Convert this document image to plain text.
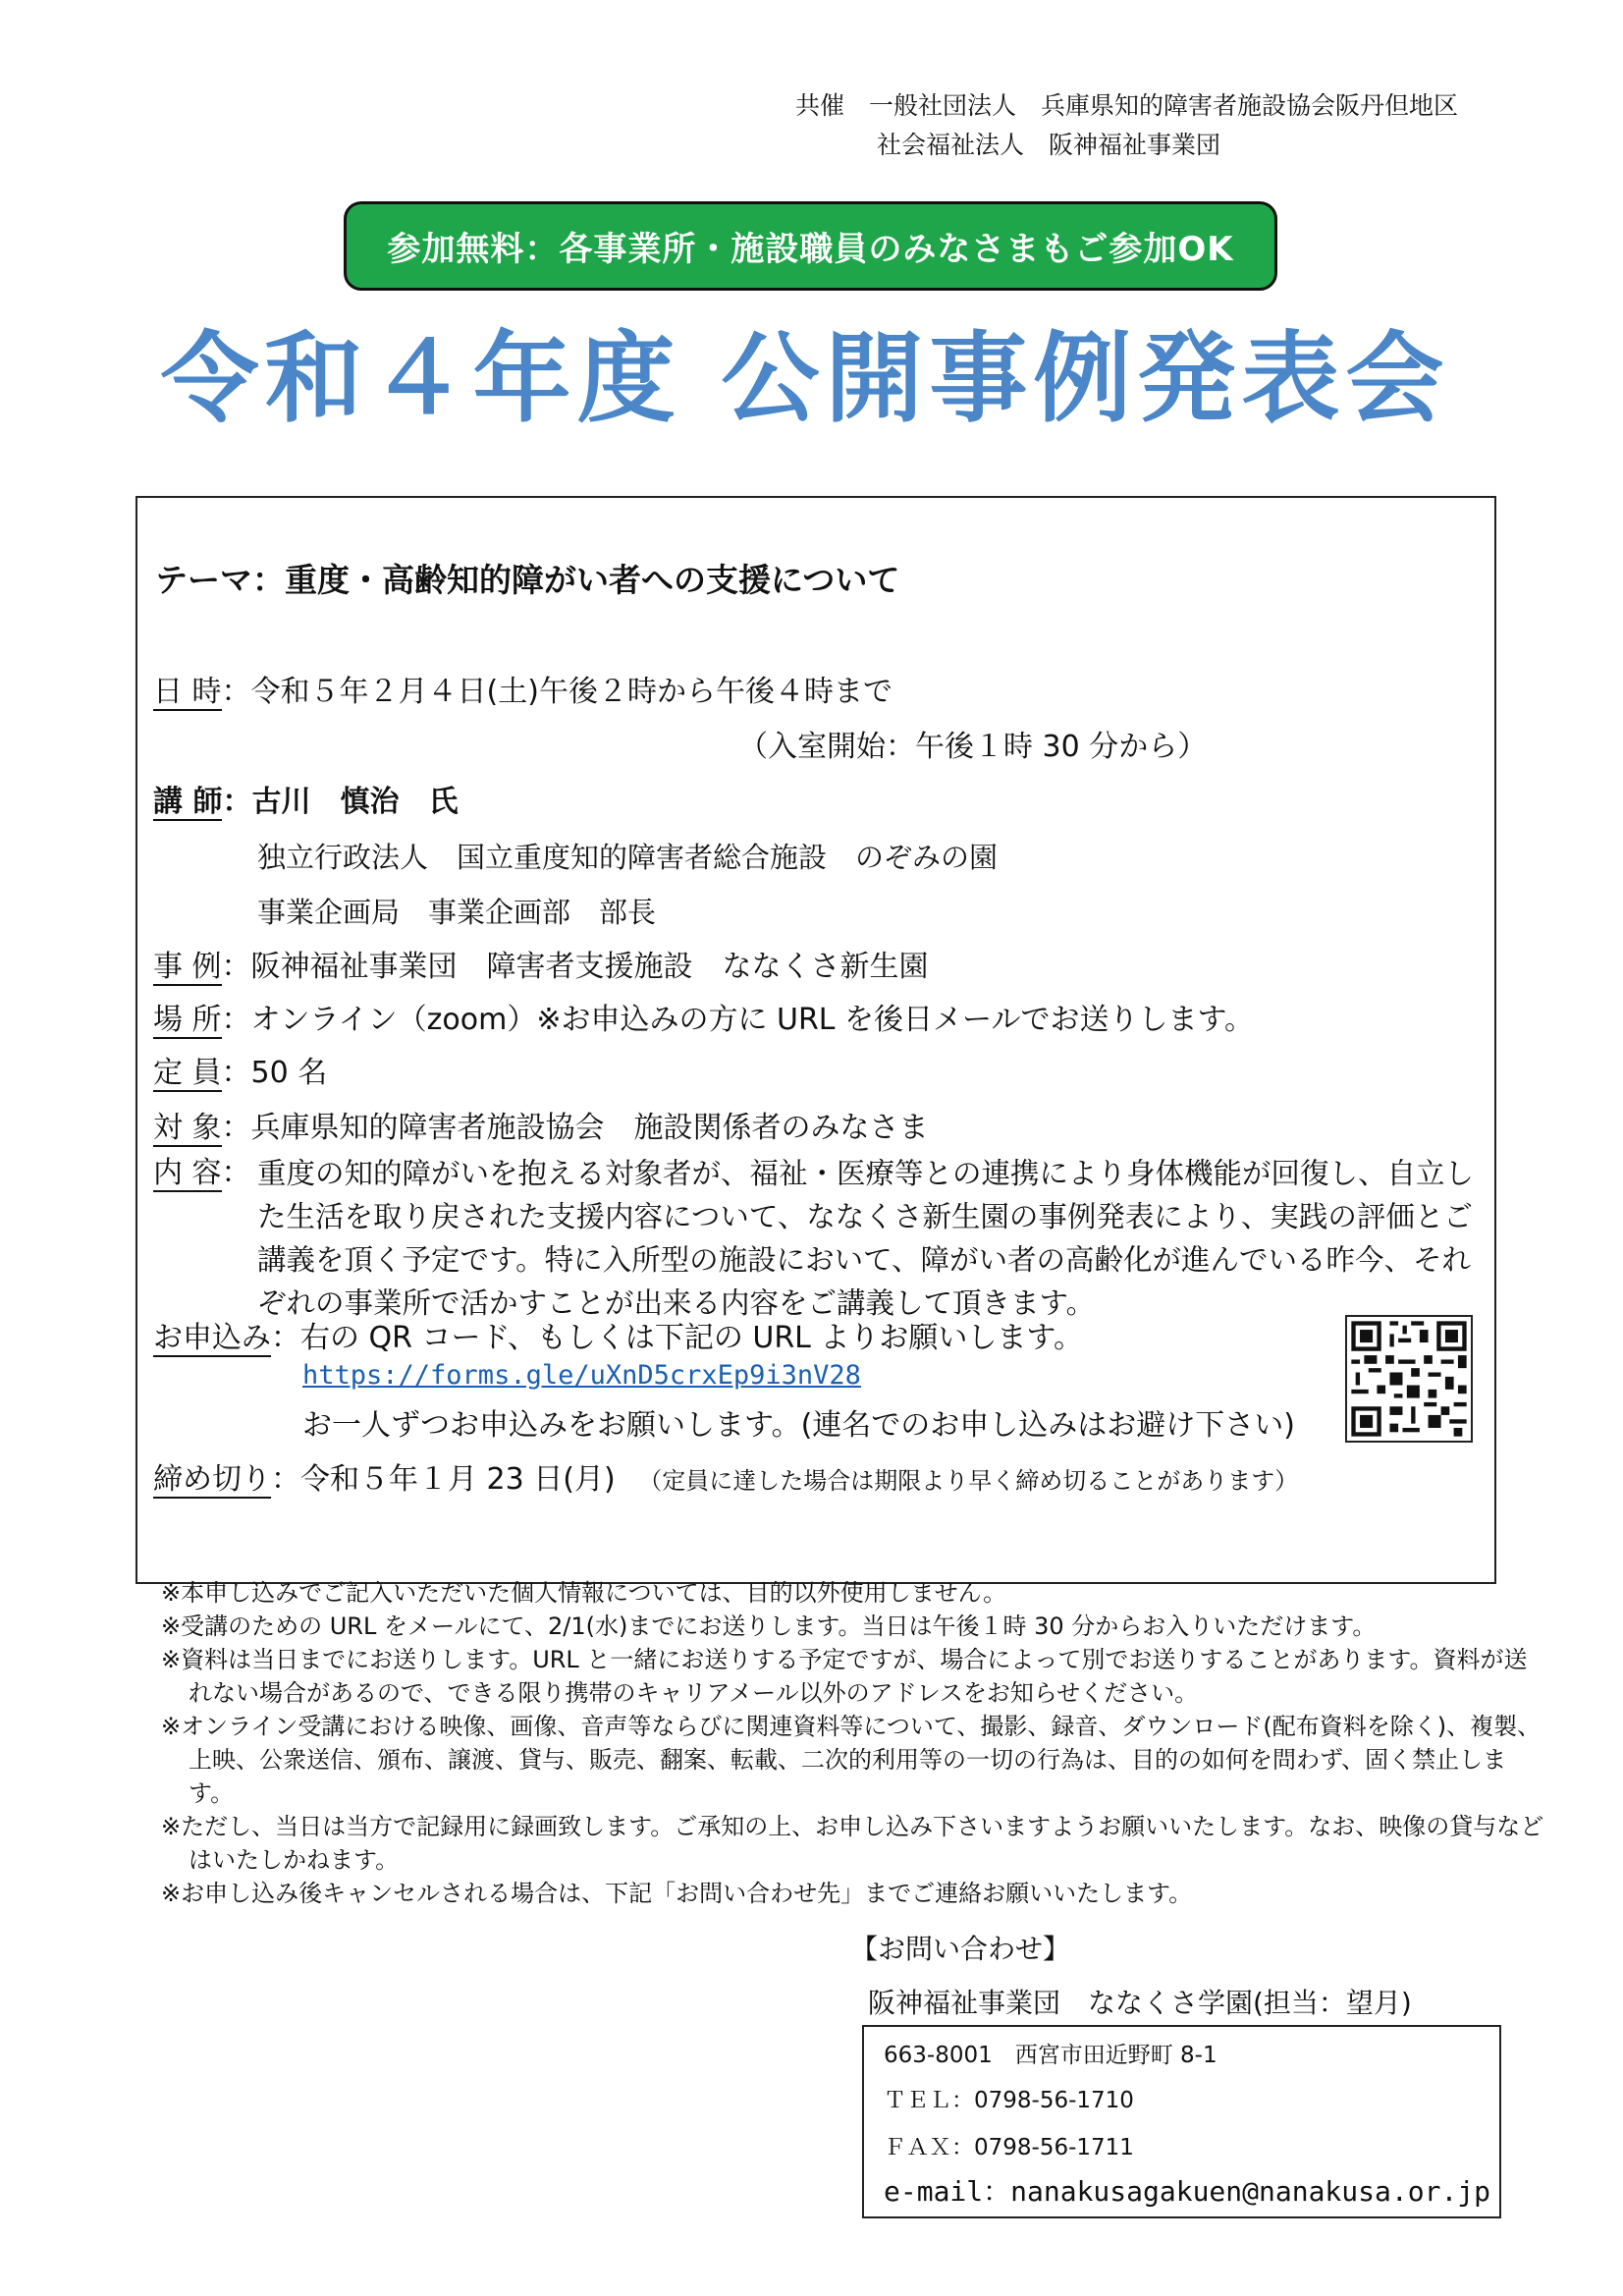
共催　一般社団法人　兵庫県知的障害者施設協会阪丹但地区
社会福祉法人　阪神福祉事業団
参加無料：各事業所・施設職員のみなさまもご参加OK
令和４年度 公開事例発表会
テーマ：重度・高齢知的障がい者への支援について
日 時：令和５年２月４日(土)午後２時から午後４時まで
（入室開始：午後１時 30 分から）
講 師：古川　慎治　氏
独立行政法人　国立重度知的障害者総合施設　のぞみの園
事業企画局　事業企画部　部長
事 例：阪神福祉事業団　障害者支援施設　ななくさ新生園
場 所：オンライン（zoom）※お申込みの方に URL を後日メールでお送りします。
定 員：50 名
対 象：兵庫県知的障害者施設協会　施設関係者のみなさま
内 容： 重度の知的障がいを抱える対象者が、福祉・医療等との連携により身体機能が回復し、自立した生活を取り戻された支援内容について、ななくさ新生園の事例発表により、実践の評価とご講義を頂く予定です。特に入所型の施設において、障がい者の高齢化が進んでいる昨今、それぞれの事業所で活かすことが出来る内容をご講義して頂きます。
お申込み：右の QR コード、もしくは下記の URL よりお願いします。
https://forms.gle/uXnD5crxEp9i3nV28
お一人ずつお申込みをお願いします。(連名でのお申し込みはお避け下さい)
締め切り：令和５年１月 23 日(月) （定員に達した場合は期限より早く締め切ることがあります）

※本申し込みでご記入いただいた個人情報については、目的以外使用しません。

※受講のための URL をメールにて、2/1(水)までにお送りします。当日は午後１時 30 分からお入りいただけます。

※資料は当日までにお送りします。URL と一緒にお送りする予定ですが、場合によって別でお送りすることがあります。資料が送れない場合があるので、できる限り携帯のキャリアメール以外のアドレスをお知らせください。

※オンライン受講における映像、画像、音声等ならびに関連資料等について、撮影、録音、ダウンロード(配布資料を除く)、複製、上映、公衆送信、頒布、譲渡、貸与、販売、翻案、転載、二次的利用等の一切の行為は、目的の如何を問わず、固く禁止します。

※ただし、当日は当方で記録用に録画致します。ご承知の上、お申し込み下さいますようお願いいたします。なお、映像の貸与などはいたしかねます。

※お申し込み後キャンセルされる場合は、下記「お問い合わせ先」までご連絡お願いいたします。

【お問い合わせ】
阪神福祉事業団　ななくさ学園(担当：望月)
663-8001　西宮市田近野町 8-1
ＴＥＬ：0798-56-1710
ＦＡＸ：0798-56-1711
e-mail：nanakusagakuen@nanakusa.or.jp
